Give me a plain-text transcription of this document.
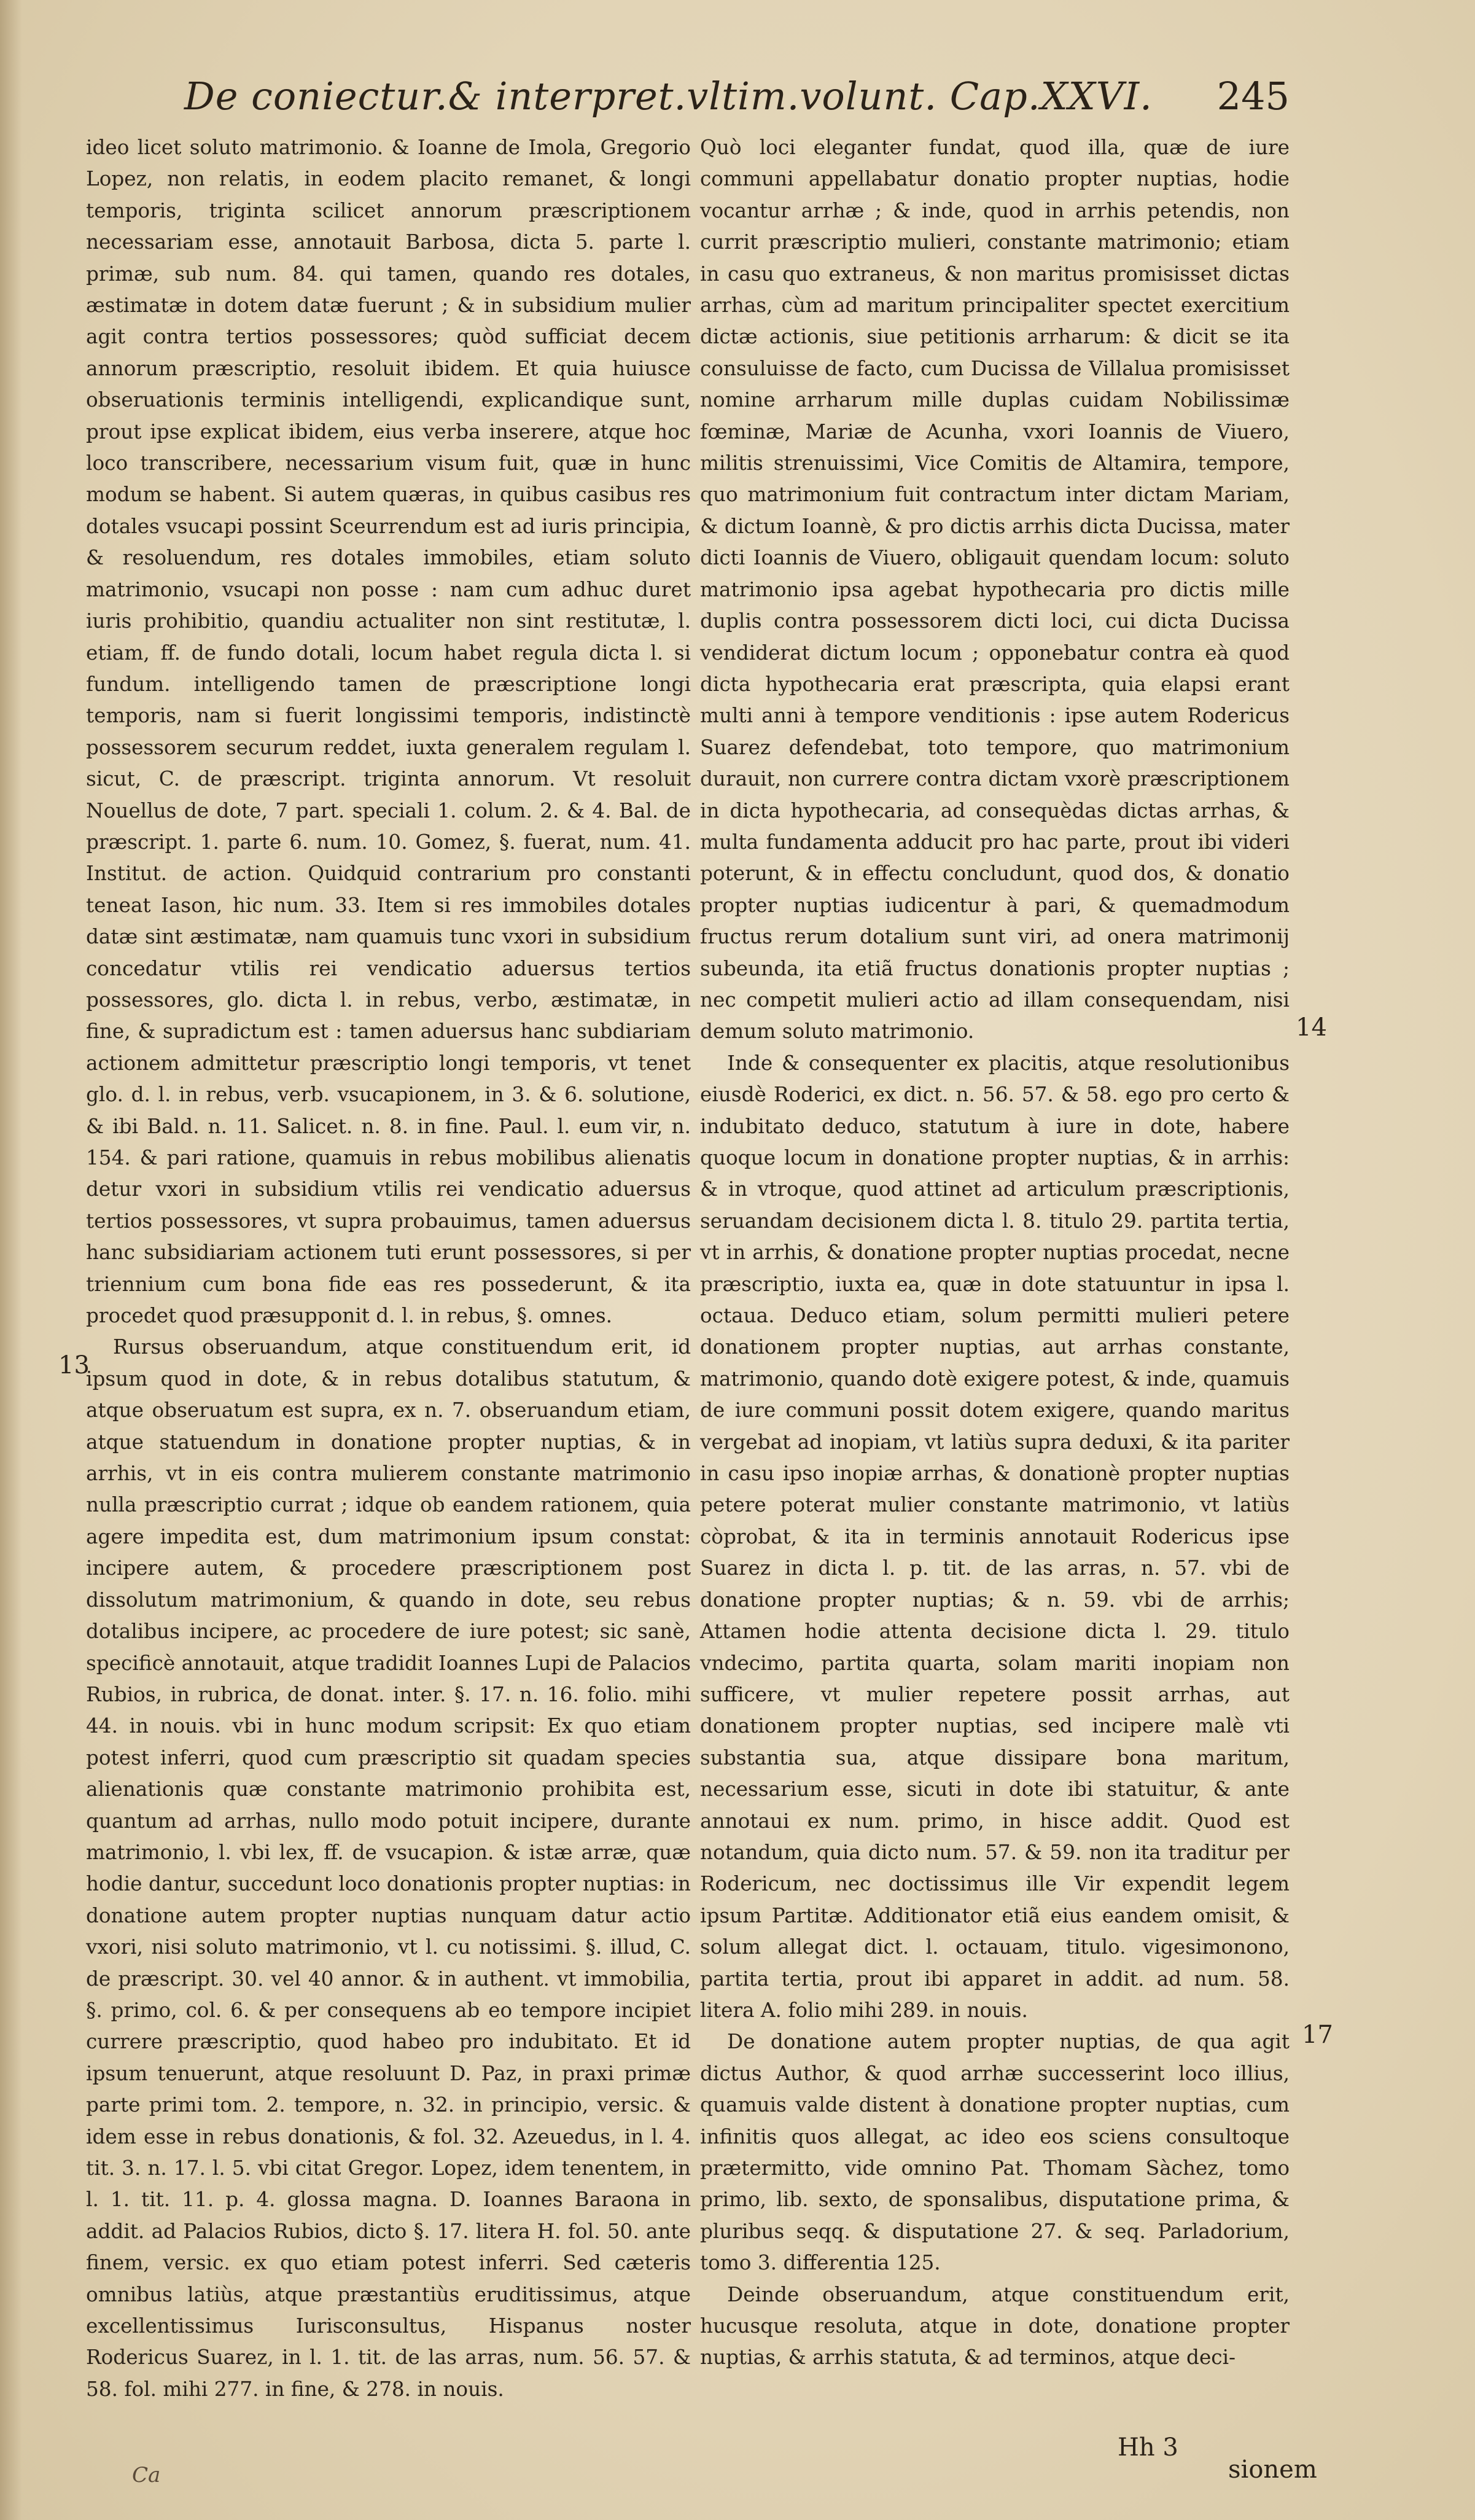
De coniectur.& interpret.vltim.volunt. Cap.XXVI. 245

ideo licet soluto matrimonio. & Ioanne de Imola, Gregorio Lopez, non relatis, in eodem placito remanet, & longi temporis, triginta scilicet annorum præscriptionem necessariam esse, annotauit Barbosa, dicta 5. parte l. primæ, sub num. 84. qui tamen, quando res dotales, æstimatæ in dotem datæ fuerunt ; & in subsidium mulier agit contra tertios possessores; quòd sufficiat decem annorum præscriptio, resoluit ibidem. Et quia huiusce obseruationis terminis intelligendi, explicandique sunt, prout ipse explicat ibidem, eius verba inserere, atque hoc loco transcribere, necessarium visum fuit, quæ in hunc modum se habent. Si autem quæras, in quibus casibus res dotales vsucapi possint Sceurrendum est ad iuris principia, & resoluendum, res dotales immobiles, etiam soluto matrimonio, vsucapi non posse : nam cum adhuc duret iuris prohibitio, quandiu actualiter non sint restitutæ, l. etiam, ff. de fundo dotali, locum habet regula dicta l. si fundum. intelligendo tamen de præscriptione longi temporis, nam si fuerit longissimi temporis, indistinctè possessorem securum reddet, iuxta generalem regulam l. sicut, C. de præscript. triginta annorum. Vt resoluit Nouellus de dote, 7 part. speciali 1. colum. 2. & 4. Bal. de præscript. 1. parte 6. num. 10. Gomez, §. fuerat, num. 41. Institut. de action. Quidquid contrarium pro constanti teneat Iason, hic num. 33. Item si res immobiles dotales datæ sint æstimatæ, nam quamuis tunc vxori in subsidium concedatur vtilis rei vendicatio aduersus tertios possessores, glo. dicta l. in rebus, verbo, æstimatæ, in fine, & supradictum est : tamen aduersus hanc subdiariam actionem admittetur præscriptio longi temporis, vt tenet glo. d. l. in rebus, verb. vsucapionem, in 3. & 6. solutione, & ibi Bald. n. 11. Salicet. n. 8. in fine. Paul. l. eum vir, n. 154. & pari ratione, quamuis in rebus mobilibus alienatis detur vxori in subsidium vtilis rei vendicatio aduersus tertios possessores, vt supra probauimus, tamen aduersus hanc subsidiariam actionem tuti erunt possessores, si per triennium cum bona fide eas res possederunt, & ita procedet quod præsupponit d. l. in rebus, §. omnes.

Rursus obseruandum, atque constituendum erit, id ipsum quod in dote, & in rebus dotalibus statutum, & atque obseruatum est supra, ex n. 7. obseruandum etiam, atque statuendum in donatione propter nuptias, & in arrhis, vt in eis contra mulierem constante matrimonio nulla præscriptio currat ; idque ob eandem rationem, quia agere impedita est, dum matrimonium ipsum constat: incipere autem, & procedere præscriptionem post dissolutum matrimonium, & quando in dote, seu rebus dotalibus incipere, ac procedere de iure potest; sic sanè, specificè annotauit, atque tradidit Ioannes Lupi de Palacios Rubios, in rubrica, de donat. inter. §. 17. n. 16. folio. mihi 44. in nouis. vbi in hunc modum scripsit: Ex quo etiam potest inferri, quod cum præscriptio sit quadam species alienationis quæ constante matrimonio prohibita est, quantum ad arrhas, nullo modo potuit incipere, durante matrimonio, l. vbi lex, ff. de vsucapion. & istæ arræ, quæ hodie dantur, succedunt loco donationis propter nuptias: in donatione autem propter nuptias nunquam datur actio vxori, nisi soluto matrimonio, vt l. cu notissimi. §. illud, C. de præscript. 30. vel 40 annor. & in authent. vt immobilia, §. primo, col. 6. & per consequens ab eo tempore incipiet currere præscriptio, quod habeo pro indubitato. Et id ipsum tenuerunt, atque resoluunt D. Paz, in praxi primæ parte primi tom. 2. tempore, n. 32. in principio, versic. & idem esse in rebus donationis, & fol. 32. Azeuedus, in l. 4. tit. 3. n. 17. l. 5. vbi citat Gregor. Lopez, idem tenentem, in l. 1. tit. 11. p. 4. glossa magna. D. Ioannes Baraona in addit. ad Palacios Rubios, dicto §. 17. litera H. fol. 50. ante finem, versic. ex quo etiam potest inferri. Sed cæteris omnibus latiùs, atque præstantiùs eruditissimus, atque excellentissimus Iurisconsultus, Hispanus noster Rodericus Suarez, in l. 1. tit. de las arras, num. 56. 57. & 58. fol. mihi 277. in fine, & 278. in nouis.

Quò loci eleganter fundat, quod illa, quæ de iure communi appellabatur donatio propter nuptias, hodie vocantur arrhæ ; & inde, quod in arrhis petendis, non currit præscriptio mulieri, constante matrimonio; etiam in casu quo extraneus, & non maritus promisisset dictas arrhas, cùm ad maritum principaliter spectet exercitium dictæ actionis, siue petitionis arrharum: & dicit se ita consuluisse de facto, cum Ducissa de Villalua promisisset nomine arrharum mille duplas cuidam Nobilissimæ fœminæ, Mariæ de Acunha, vxori Ioannis de Viuero, militis strenuissimi, Vice Comitis de Altamira, tempore, quo matrimonium fuit contractum inter dictam Mariam, & dictum Ioannè, & pro dictis arrhis dicta Ducissa, mater dicti Ioannis de Viuero, obligauit quendam locum: soluto matrimonio ipsa agebat hypothecaria pro dictis mille duplis contra possessorem dicti loci, cui dicta Ducissa vendiderat dictum locum ; opponebatur contra eà quod dicta hypothecaria erat præscripta, quia elapsi erant multi anni à tempore venditionis : ipse autem Rodericus Suarez defendebat, toto tempore, quo matrimonium durauit, non currere contra dictam vxorè præscriptionem in dicta hypothecaria, ad consequèdas dictas arrhas, & multa fundamenta adducit pro hac parte, prout ibi videri poterunt, & in effectu concludunt, quod dos, & donatio propter nuptias iudicentur à pari, & quemadmodum fructus rerum dotalium sunt viri, ad onera matrimonij subeunda, ita etiã fructus donationis propter nuptias ; nec competit mulieri actio ad illam consequendam, nisi demum soluto matrimonio.

Inde & consequenter ex placitis, atque resolutionibus eiusdè Roderici, ex dict. n. 56. 57. & 58. ego pro certo & indubitato deduco, statutum à iure in dote, habere quoque locum in donatione propter nuptias, & in arrhis: & in vtroque, quod attinet ad articulum præscriptionis, seruandam decisionem dicta l. 8. titulo 29. partita tertia, vt in arrhis, & donatione propter nuptias procedat, necne præscriptio, iuxta ea, quæ in dote statuuntur in ipsa l. octaua. Deduco etiam, solum permitti mulieri petere donationem propter nuptias, aut arrhas constante, matrimonio, quando dotè exigere potest, & inde, quamuis de iure communi possit dotem exigere, quando maritus vergebat ad inopiam, vt latiùs supra deduxi, & ita pariter in casu ipso inopiæ arrhas, & donationè propter nuptias petere poterat mulier constante matrimonio, vt latiùs còprobat, & ita in terminis annotauit Rodericus ipse Suarez in dicta l. p. tit. de las arras, n. 57. vbi de donatione propter nuptias; & n. 59. vbi de arrhis; Attamen hodie attenta decisione dicta l. 29. titulo vndecimo, partita quarta, solam mariti inopiam non sufficere, vt mulier repetere possit arrhas, aut donationem propter nuptias, sed incipere malè vti substantia sua, atque dissipare bona maritum, necessarium esse, sicuti in dote ibi statuitur, & ante annotaui ex num. primo, in hisce addit. Quod est notandum, quia dicto num. 57. & 59. non ita traditur per Rodericum, nec doctissimus ille Vir expendit legem ipsum Partitæ. Additionator etiã eius eandem omisit, & solum allegat dict. l. octauam, titulo. vigesimonono, partita tertia, prout ibi apparet in addit. ad num. 58. litera A. folio mihi 289. in nouis.

De donatione autem propter nuptias, de qua agit dictus Author, & quod arrhæ successerint loco illius, quamuis valde distent à donatione propter nuptias, cum infinitis quos allegat, ac ideo eos sciens consultoque prætermitto, vide omnino Pat. Thomam Sàchez, tomo primo, lib. sexto, de sponsalibus, disputatione prima, & pluribus seqq. & disputatione 27. & seq. Parladorium, tomo 3. differentia 125.

Deinde obseruandum, atque constituendum erit, hucusque resoluta, atque in dote, donatione propter nuptias, & arrhis statuta, & ad terminos, atque deci-

13
14
17
Hh 3
sionem
Ca
